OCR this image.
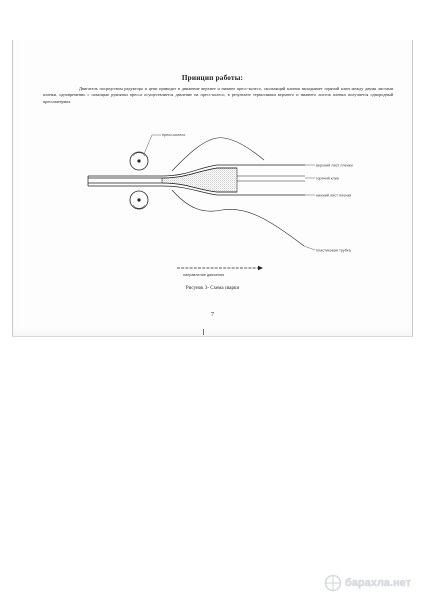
Принцип работы:
Двигатель посредством редуктора и цепи приводит в движение верхнее и нижнее пресс-колесо, скользящий клинок вкладывает горячий клин между двумя листами пленки, одновременно с помощью рукоятки пресса осуществляется давление на пресс-колесо, в результате термосвязки верхнего и нижнего листов пленки получается однородный прессматериал.
Рисунок 3- Схема сварки
7
пресс-колесо
верхний лист пленки
горячий клин
нижний лист пленки
пластиковая трубка
направление движения
барахла.нет
